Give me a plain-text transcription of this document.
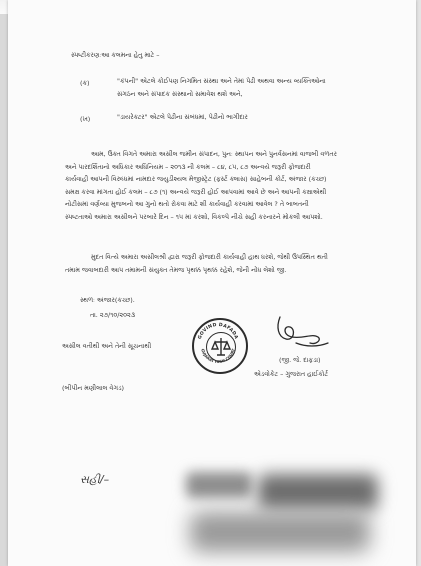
સ્પષ્ટીકરણઃઆ કલમના હેતુ માટે –
(ક)	"કંપની" એટલે કોઈપણ નિગમિત સંસ્થા અને તેમાં પેઢી અથવા અન્ય વ્યક્તિઓના
સંગઠન અને સંપાદક સંસ્થાનો સમાવેશ થશે અને,
(ખ)	"ડાયરેક્ટર" એટલે પેઢીના સંબંધમાં, પેઢીનો ભાગીદાર
આમ, ઉક્ત વિગતે અમારા અસીલ જમીન સંપાદન, પુનઃ સ્થાપન અને પુનર્વસનમાં વાજબી વળતર
અને પારદર્શિતાનો અધિકાર અધિનિયમ – ૨૦૧૩ ની કલમ – ૮૪, ૮૫, ૮૭ અન્વયે જરૂરી ફોજદારી
કાર્યવાહી આપની વિરુધ્ધમાં નામદાર જયુડીશ્યલ મેજીસ્ટ્રેટ (ફર્સ્ટ ક્લાસ) સાહેબની કોર્ટ, અંજાર (કચ્છ)
સમક્ષ કરવા માંગતા હોઈ કલમ – ૮૭ (૧) અન્વયે જરૂરી હોઈ આપવામાં આવે છે અને આપની કક્ષાએથી
નોટીસમાં વર્ણવ્યા મુજબનો આ ગુનો થતો રોકવા માટે શી કાર્યવાહી કરવામાં આવેલ ? તે બાબતની
સ્પષ્ટતાઓ અમારા અસીલને પરબારે દિન – ૧૫ માં કરશો, વિકલ્પે નીચે સહી કરનારને મોકલી આપશો.
મુદત વિત્યે અમારા અસીલશ્રી દ્વારા જરૂરી ફોજદારી કાર્યવાહી હાથ ધરશે, જેથી ઉપસ્થિત થતી
તમામ જવાબદારી આપ તમામની સંયુક્ત તેમજ પૃથક્ક પૃથક્ક રહેશે, જેની નોંધ લેશો જી.
સ્થળઃ અંજાર(કચ્છ).
તા. ૨૭/૧૦/૨૦૨૩
અસીલ વતીથી અને તેની સૂચનાથી
(બીપીન મણીલાલ વેગડ)
GOVIND DAFADA
GUJARAT HIGH COURT
(જી. જે. દાફડા)
એડવોકેટ – ગુજરાત હાઈકોર્ટ
સહી/–
